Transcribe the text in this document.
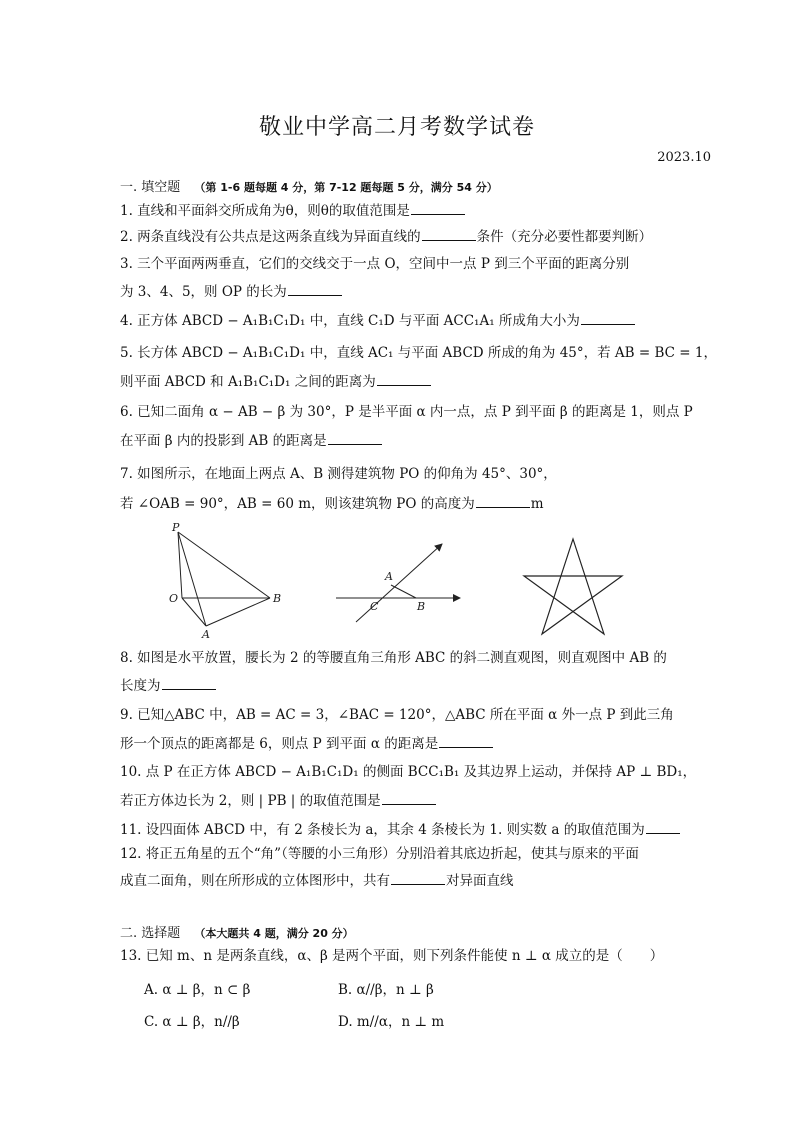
敬业中学高二月考数学试卷
2023.10
一. 填空题 （第 1-6 题每题 4 分，第 7-12 题每题 5 分，满分 54 分）
1. 直线和平面斜交所成角为θ，则θ的取值范围是
2. 两条直线没有公共点是这两条直线为异面直线的	条件（充分必要性都要判断）
3. 三个平面两两垂直，它们的交线交于一点 O，空间中一点 P 到三个平面的距离分别
为 3、4、5，则 OP 的长为
4. 正方体 ABCD − A₁B₁C₁D₁ 中，直线 C₁D 与平面 ACC₁A₁ 所成角大小为
5. 长方体 ABCD − A₁B₁C₁D₁ 中，直线 AC₁ 与平面 ABCD 所成的角为 45°，若 AB = BC = 1，
则平面 ABCD 和 A₁B₁C₁D₁ 之间的距离为
6. 已知二面角 α − AB − β 为 30°，P 是半平面 α 内一点，点 P 到平面 β 的距离是 1，则点 P
在平面 β 内的投影到 AB 的距离是
7. 如图所示，在地面上两点 A、B 测得建筑物 PO 的仰角为 45°、30°，
若 ∠OAB = 90°，AB = 60 m，则该建筑物 PO 的高度为	m
P
O	B
A
A
C	B
8. 如图是水平放置，腰长为 2 的等腰直角三角形 ABC 的斜二测直观图，则直观图中 AB 的
长度为
9. 已知△ABC 中，AB = AC = 3，∠BAC = 120°，△ABC 所在平面 α 外一点 P 到此三角
形一个顶点的距离都是 6，则点 P 到平面 α 的距离是
10. 点 P 在正方体 ABCD − A₁B₁C₁D₁ 的侧面 BCC₁B₁ 及其边界上运动，并保持 AP ⊥ BD₁，
若正方体边长为 2，则 | PB | 的取值范围是
11. 设四面体 ABCD 中，有 2 条棱长为 a，其余 4 条棱长为 1. 则实数 a 的取值范围为
12. 将正五角星的五个“角”（等腰的小三角形）分别沿着其底边折起，使其与原来的平面
成直二面角，则在所形成的立体图形中，共有	对异面直线
二. 选择题 （本大题共 4 题，满分 20 分）
13. 已知 m、n 是两条直线，α、β 是两个平面，则下列条件能使 n ⊥ α 成立的是（　　）
A. α ⊥ β，n ⊂ β	B. α//β，n ⊥ β
C. α ⊥ β，n//β	D. m//α，n ⊥ m
